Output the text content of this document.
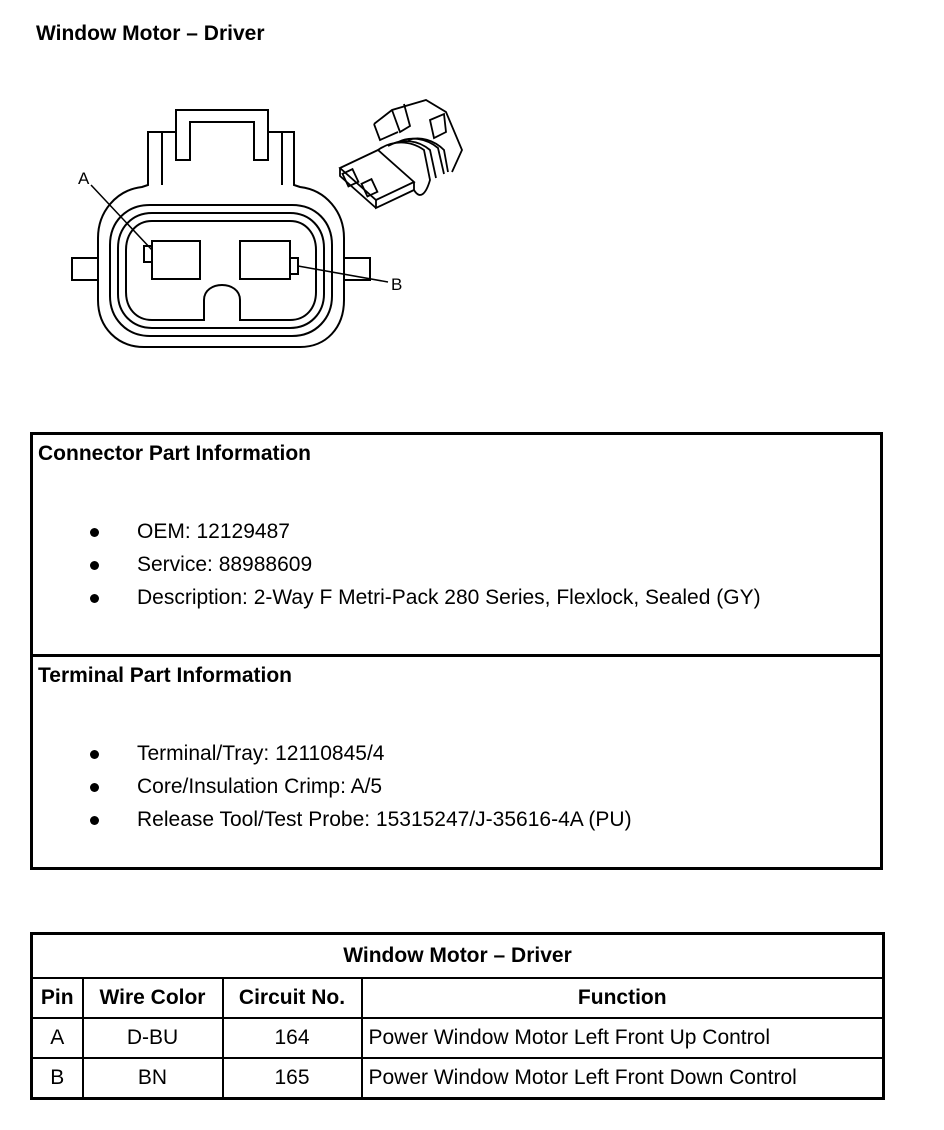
Window Motor – Driver
A
B
Connector Part Information
OEM: 12129487
Service: 88988609
Description: 2-Way F Metri-Pack 280 Series, Flexlock, Sealed (GY)
Terminal Part Information
Terminal/Tray: 12110845/4
Core/Insulation Crimp: A/5
Release Tool/Test Probe: 15315247/J-35616-4A (PU)
Window Motor – Driver			
Pin	Wire Color	Circuit No.	Function
A	D-BU	164	Power Window Motor Left Front Up Control
B	BN	165	Power Window Motor Left Front Down Control
